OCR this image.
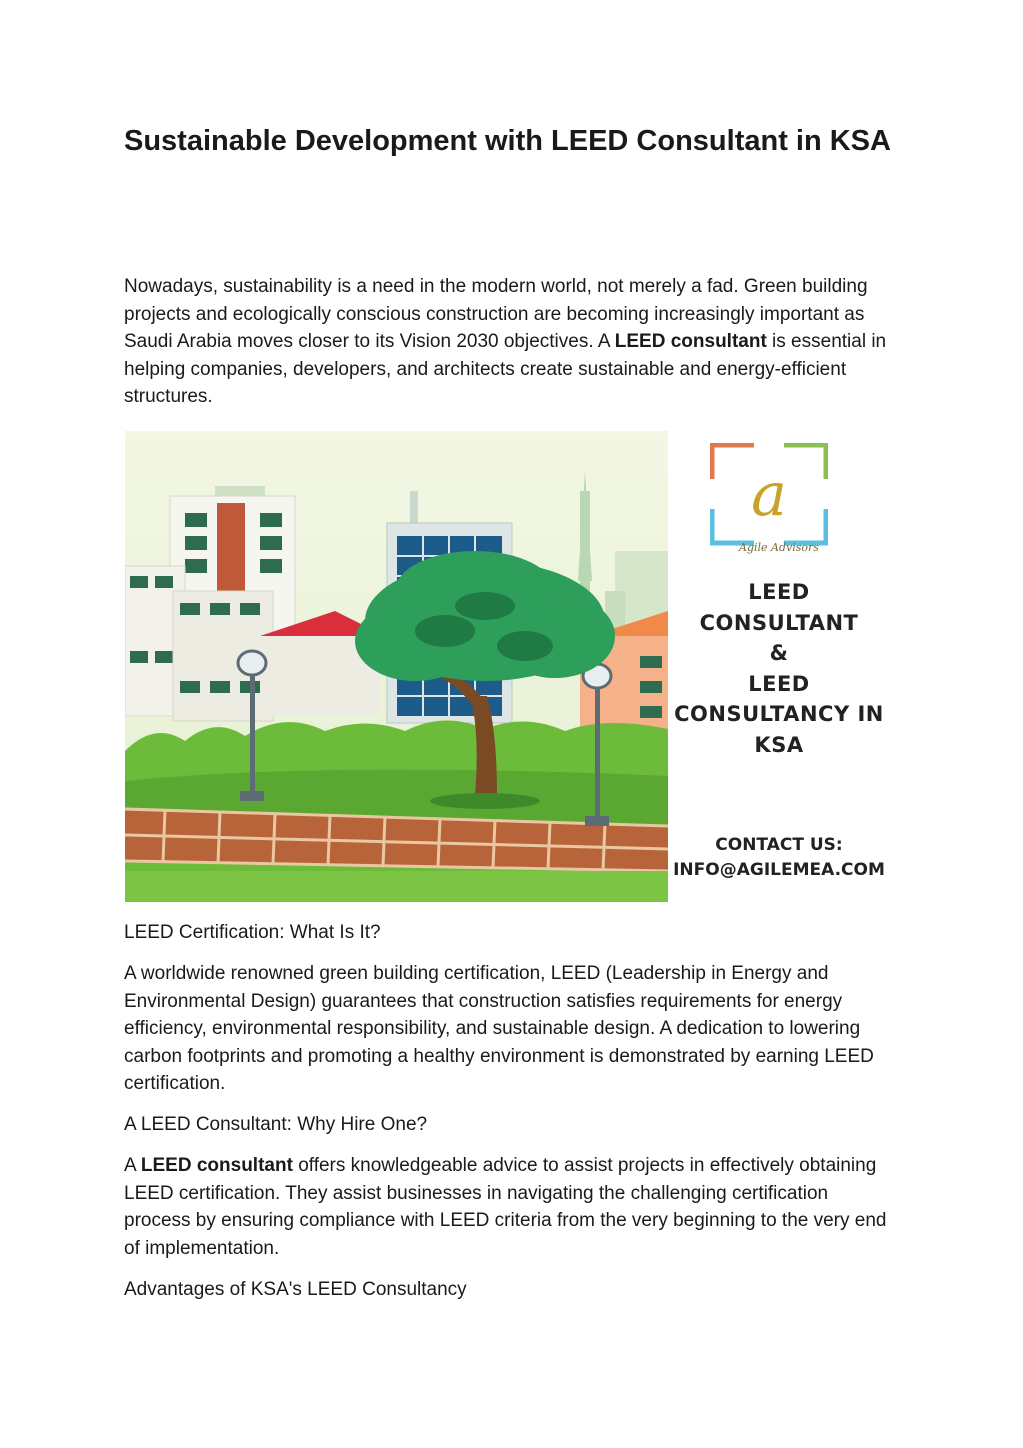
Sustainable Development with LEED Consultant in KSA

Nowadays, sustainability is a need in the modern world, not merely a fad. Green building projects and ecologically conscious construction are becoming increasingly important as Saudi Arabia moves closer to its Vision 2030 objectives. A LEED consultant is essential in helping companies, developers, and architects create sustainable and energy-efficient structures.

a
Agile Advisors
LEED
CONSULTANT
&
LEED
CONSULTANCY IN
KSA
CONTACT US:
INFO@AGILEMEA.COM

LEED Certification: What Is It?

A worldwide renowned green building certification, LEED (Leadership in Energy and Environmental Design) guarantees that construction satisfies requirements for energy efficiency, environmental responsibility, and sustainable design. A dedication to lowering carbon footprints and promoting a healthy environment is demonstrated by earning LEED certification.

A LEED Consultant: Why Hire One?

A LEED consultant offers knowledgeable advice to assist projects in effectively obtaining LEED certification. They assist businesses in navigating the challenging certification process by ensuring compliance with LEED criteria from the very beginning to the very end of implementation.

Advantages of KSA's LEED Consultancy
